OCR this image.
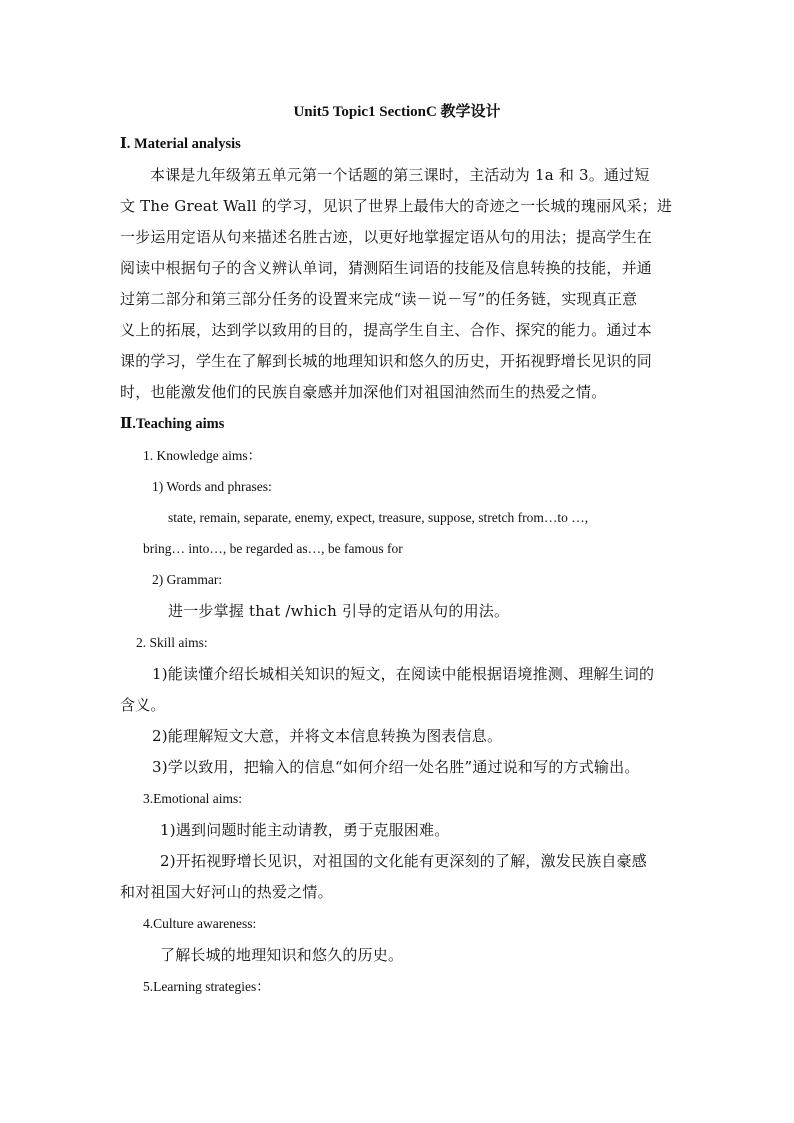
Unit5 Topic1 SectionC 教学设计
Ⅰ. Material analysis
本课是九年级第五单元第一个话题的第三课时，主活动为 1a 和 3。通过短
文 The Great Wall 的学习，见识了世界上最伟大的奇迹之一长城的瑰丽风采；进
一步运用定语从句来描述名胜古迹，以更好地掌握定语从句的用法；提高学生在
阅读中根据句子的含义辨认单词，猜测陌生词语的技能及信息转换的技能，并通
过第二部分和第三部分任务的设置来完成“读－说－写”的任务链，实现真正意
义上的拓展，达到学以致用的目的，提高学生自主、合作、探究的能力。通过本
课的学习，学生在了解到长城的地理知识和悠久的历史，开拓视野增长见识的同
时，也能激发他们的民族自豪感并加深他们对祖国油然而生的热爱之情。
Ⅱ.Teaching aims
1. Knowledge aims：
1) Words and phrases:
state, remain, separate, enemy, expect, treasure, suppose, stretch from…to …,
bring… into…, be regarded as…, be famous for
2) Grammar:
进一步掌握 that /which 引导的定语从句的用法。
2. Skill aims:
1)能读懂介绍长城相关知识的短文，在阅读中能根据语境推测、理解生词的
含义。
2)能理解短文大意，并将文本信息转换为图表信息。
3)学以致用，把输入的信息“如何介绍一处名胜”通过说和写的方式输出。
3.Emotional aims:
1)遇到问题时能主动请教，勇于克服困难。
2)开拓视野增长见识，对祖国的文化能有更深刻的了解，激发民族自豪感
和对祖国大好河山的热爱之情。
4.Culture awareness:
了解长城的地理知识和悠久的历史。
5.Learning strategies：
